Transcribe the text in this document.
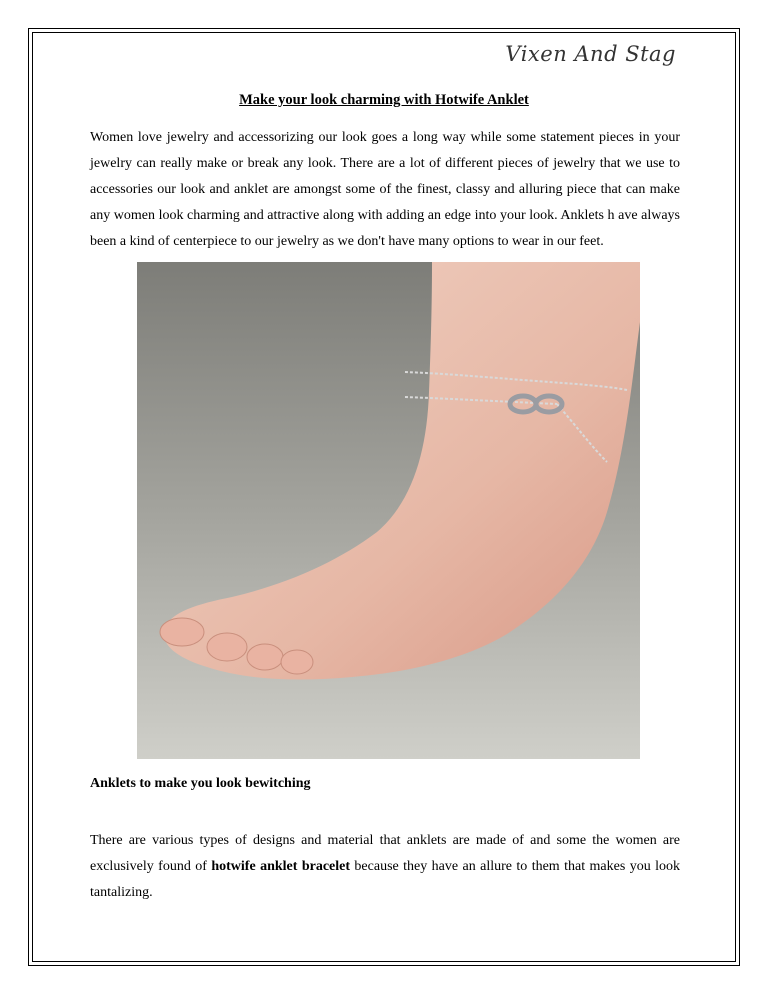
Vixen And Stag
Make your look charming with Hotwife Anklet

Women love jewelry and accessorizing our look goes a long way while some statement pieces in your jewelry can really make or break any look. There are a lot of different pieces of jewelry that we use to accessories our look and anklet are amongst some of the finest, classy and alluring piece that can make any women look charming and attractive along with adding an edge into your look. Anklets h ave always been a kind of centerpiece to our jewelry as we don't have many options to wear in our feet.

Anklets to make you look bewitching

There are various types of designs and material that anklets are made of and some the women are exclusively found of hotwife anklet bracelet because they have an allure to them that makes you look tantalizing.
